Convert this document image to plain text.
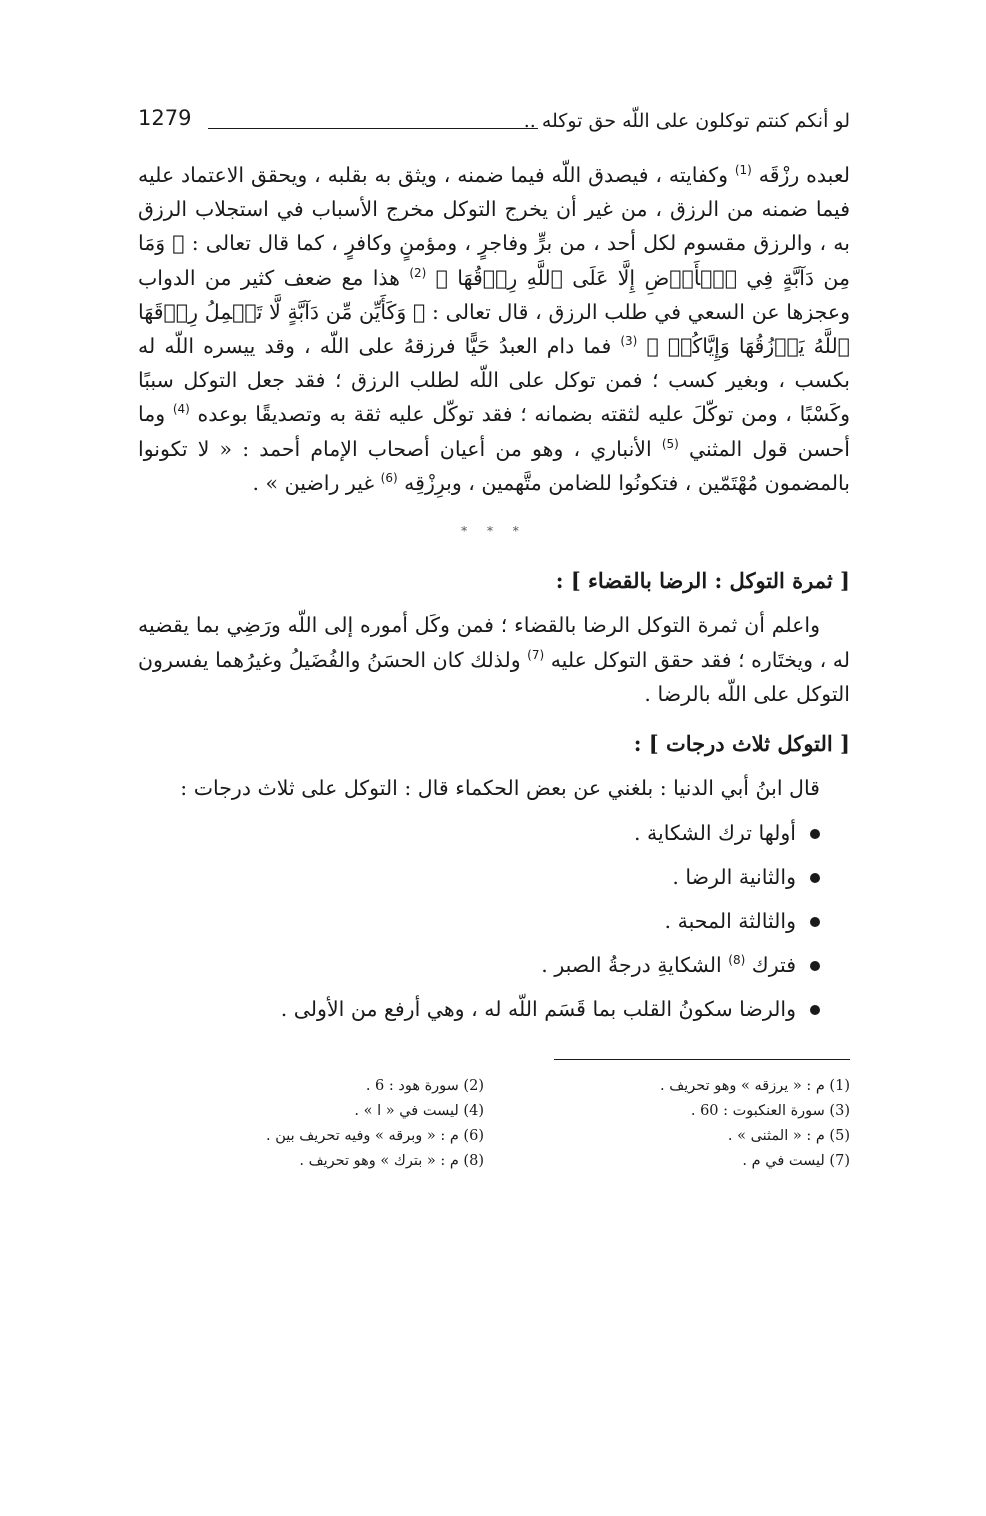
لو أنكم كنتم توكلون على اللّه حق توكله ..
1279

لعبده رزْقَه $^{(1)}$ وكفايته ، فيصدق اللّه فيما ضمنه ، ويثق به بقلبه ، ويحقق الاعتماد عليه فيما ضمنه من الرزق ، من غير أن يخرج التوكل مخرج الأسباب في استجلاب الرزق به ، والرزق مقسوم لكل أحد ، من برٍّ وفاجرٍ ، ومؤمنٍ وكافرٍ ، كما قال تعالى : ﴿ وَمَا مِن دَآبَّةٍ فِي ٱلۡأَرۡضِ إِلَّا عَلَى ٱللَّهِ رِزۡقُهَا ﴾ $^{(2)}$ هذا مع ضعف كثير من الدواب وعجزها عن السعي في طلب الرزق ، قال تعالى : ﴿ وَكَأَيِّن مِّن دَآبَّةٍ لَّا تَحۡمِلُ رِزۡقَهَا ٱللَّهُ يَرۡزُقُهَا وَإِيَّاكُمۡ ﴾ $^{(3)}$ فما دام العبدُ حَيًّا فرزقهُ على اللّه ، وقد ييسره اللّه له بكسب ، وبغير كسب ؛ فمن توكل على اللّه لطلب الرزق ؛ فقد جعل التوكل سببًا وكَسْبًا ، ومن توكّلَ عليه لثقته بضمانه ؛ فقد توكّل عليه ثقة به وتصديقًا بوعده $^{(4)}$ وما أحسن قول المثني $^{(5)}$ الأنباري ، وهو من أعيان أصحاب الإمام أحمد : « لا تكونوا بالمضمون مُهْتَمّين ، فتكونُوا للضامن متَّهمين ، وبرِزْقِه $^{(6)}$ غير راضين » .

* * *

[ ثمرة التوكل : الرضا بالقضاء ] :

واعلم أن ثمرة التوكل الرضا بالقضاء ؛ فمن وكَل أموره إلى اللّه ورَضِي بما يقضيه له ، ويختَاره ؛ فقد حقق التوكل عليه $^{(7)}$ ولذلك كان الحسَنُ والفُضَيلُ وغيرُهما يفسرون التوكل على اللّه بالرضا .

[ التوكل ثلاث درجات ] :

قال ابنُ أبي الدنيا : بلغني عن بعض الحكماء قال : التوكل على ثلاث درجات :

أولها ترك الشكاية .
والثانية الرضا .
والثالثة المحبة .
فترك $^{(8)}$ الشكايةِ درجةُ الصبر .
والرضا سكونُ القلب بما قَسَم اللّه له ، وهي أرفع من الأولى .
(1) م : « يرزقه » وهو تحريف .
(2) سورة هود : 6 .
(3) سورة العنكبوت : 60 .
(4) ليست في « ا » .
(5) م : « المثنى » .
(6) م : « وبرقه » وفيه تحريف بين .
(7) ليست في م .
(8) م : « بترك » وهو تحريف .
